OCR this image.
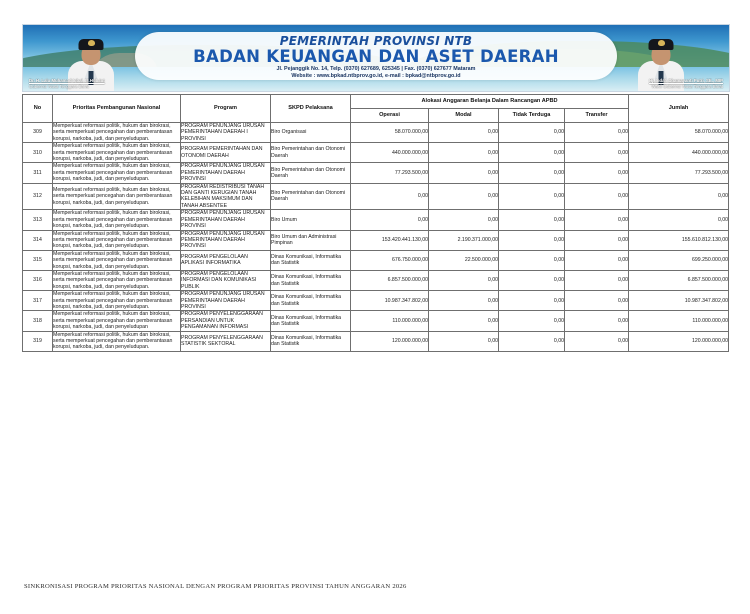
Dr. H. Lalu Muhamad Iqbal, M.Hub.Int
Gubernur Nusa Tenggara Barat
Hj. Indah Dhamayanti Putri, SE., MIP
Wakil Gubernur Nusa Tenggara Barat
PEMERINTAH PROVINSI NTB
BADAN KEUANGAN DAN ASET DAERAH
Jl. Pejanggik No. 14, Telp. (0370) 627689, 625345 | Fax. (0370) 627677 Mataram
Website : www.bpkad.ntbprov.go.id, e-mail : bpkad@ntbprov.go.id
No	Prioritas Pembangunan Nasional	Program	SKPD Pelaksana	Alokasi Anggaran Belanja Dalam Rancangan APBD				Jumlah
				Operasi	Modal	Tidak Terduga	Transfer	
309	Memperkuat reformasi politik, hukum dan birokrasi, serta memperkuat pencegahan dan pemberantasan korupsi, narkoba, judi, dan penyeludupan.	PROGRAM PENUNJANG URUSAN PEMERINTAHAN DAERAH I PROVINSI	Biro Organisasi	58.070.000,00	0,00	0,00	0,00	58.070.000,00
310	Memperkuat reformasi politik, hukum dan birokrasi, serta memperkuat pencegahan dan pemberantasan korupsi, narkoba, judi, dan penyeludupan.	PROGRAM PEMERINTAHAN DAN OTONOMI DAERAH	Biro Pemerintahan dan Otonomi Daerah	440.000.000,00	0,00	0,00	0,00	440.000.000,00
311	Memperkuat reformasi politik, hukum dan birokrasi, serta memperkuat pencegahan dan pemberantasan korupsi, narkoba, judi, dan penyeludupan.	PROGRAM PENUNJANG URUSAN PEMERINTAHAN DAERAH PROVINSI	Biro Pemerintahan dan Otonomi Daerah	77.293.500,00	0,00	0,00	0,00	77.293.500,00
312	Memperkuat reformasi politik, hukum dan birokrasi, serta memperkuat pencegahan dan pemberantasan korupsi, narkoba, judi, dan penyeludupan.	PROGRAM REDISTRIBUSI TANAH DAN GANTI KERUGIAN TANAH KELEBIHAN MAKSIMUM DAN TANAH ABSENTEE	Biro Pemerintahan dan Otonomi Daerah	0,00	0,00	0,00	0,00	0,00
313	Memperkuat reformasi politik, hukum dan birokrasi, serta memperkuat pencegahan dan pemberantasan korupsi, narkoba, judi, dan penyeludupan.	PROGRAM PENUNJANG URUSAN PEMERINTAHAN DAERAH PROVINSI	Biro Umum	0,00	0,00	0,00	0,00	0,00
314	Memperkuat reformasi politik, hukum dan birokrasi, serta memperkuat pencegahan dan pemberantasan korupsi, narkoba, judi, dan penyeludupan.	PROGRAM PENUNJANG URUSAN PEMERINTAHAN DAERAH PROVINSI	Biro Umum dan Administrasi Pimpinan	153.420.441.130,00	2.190.371.000,00	0,00	0,00	155.610.812.130,00
315	Memperkuat reformasi politik, hukum dan birokrasi, serta memperkuat pencegahan dan pemberantasan korupsi, narkoba, judi, dan penyeludupan.	PROGRAM PENGELOLAAN APLIKASI INFORMATIKA	Dinas Komunikasi, Informatika dan Statistik	676.750.000,00	22.500.000,00	0,00	0,00	699.250.000,00
316	Memperkuat reformasi politik, hukum dan birokrasi, serta memperkuat pencegahan dan pemberantasan korupsi, narkoba, judi, dan penyeludupan.	PROGRAM PENGELOLAAN INFORMASI DAN KOMUNIKASI PUBLIK	Dinas Komunikasi, Informatika dan Statistik	6.857.500.000,00	0,00	0,00	0,00	6.857.500.000,00
317	Memperkuat reformasi politik, hukum dan birokrasi, serta memperkuat pencegahan dan pemberantasan korupsi, narkoba, judi, dan penyeludupan.	PROGRAM PENUNJANG URUSAN PEMERINTAHAN DAERAH PROVINSI	Dinas Komunikasi, Informatika dan Statistik	10.987.347.802,00	0,00	0,00	0,00	10.987.347.802,00
318	Memperkuat reformasi politik, hukum dan birokrasi, serta memperkuat pencegahan dan pemberantasan korupsi, narkoba, judi, dan penyeludupan	PROGRAM PENYELENGGARAAN PERSANDIAN UNTUK PENGAMANAN INFORMASI	Dinas Komunikasi, Informatika dan Statistik	110.000.000,00	0,00	0,00	0,00	110.000.000,00
319	Memperkuat reformasi politik, hukum dan birokrasi, serta memperkuat pencegahan dan pemberantasan korupsi, narkoba, judi, dan penyeludupan.	PROGRAM PENYELENGGARAAN STATISTIK SEKTORAL	Dinas Komunikasi, Informatika dan Statistik	120.000.000,00	0,00	0,00	0,00	120.000.000,00
SINKRONISASI PROGRAM PRIORITAS NASIONAL DENGAN PROGRAM PRIORITAS PROVINSI TAHUN ANGGARAN 2026
